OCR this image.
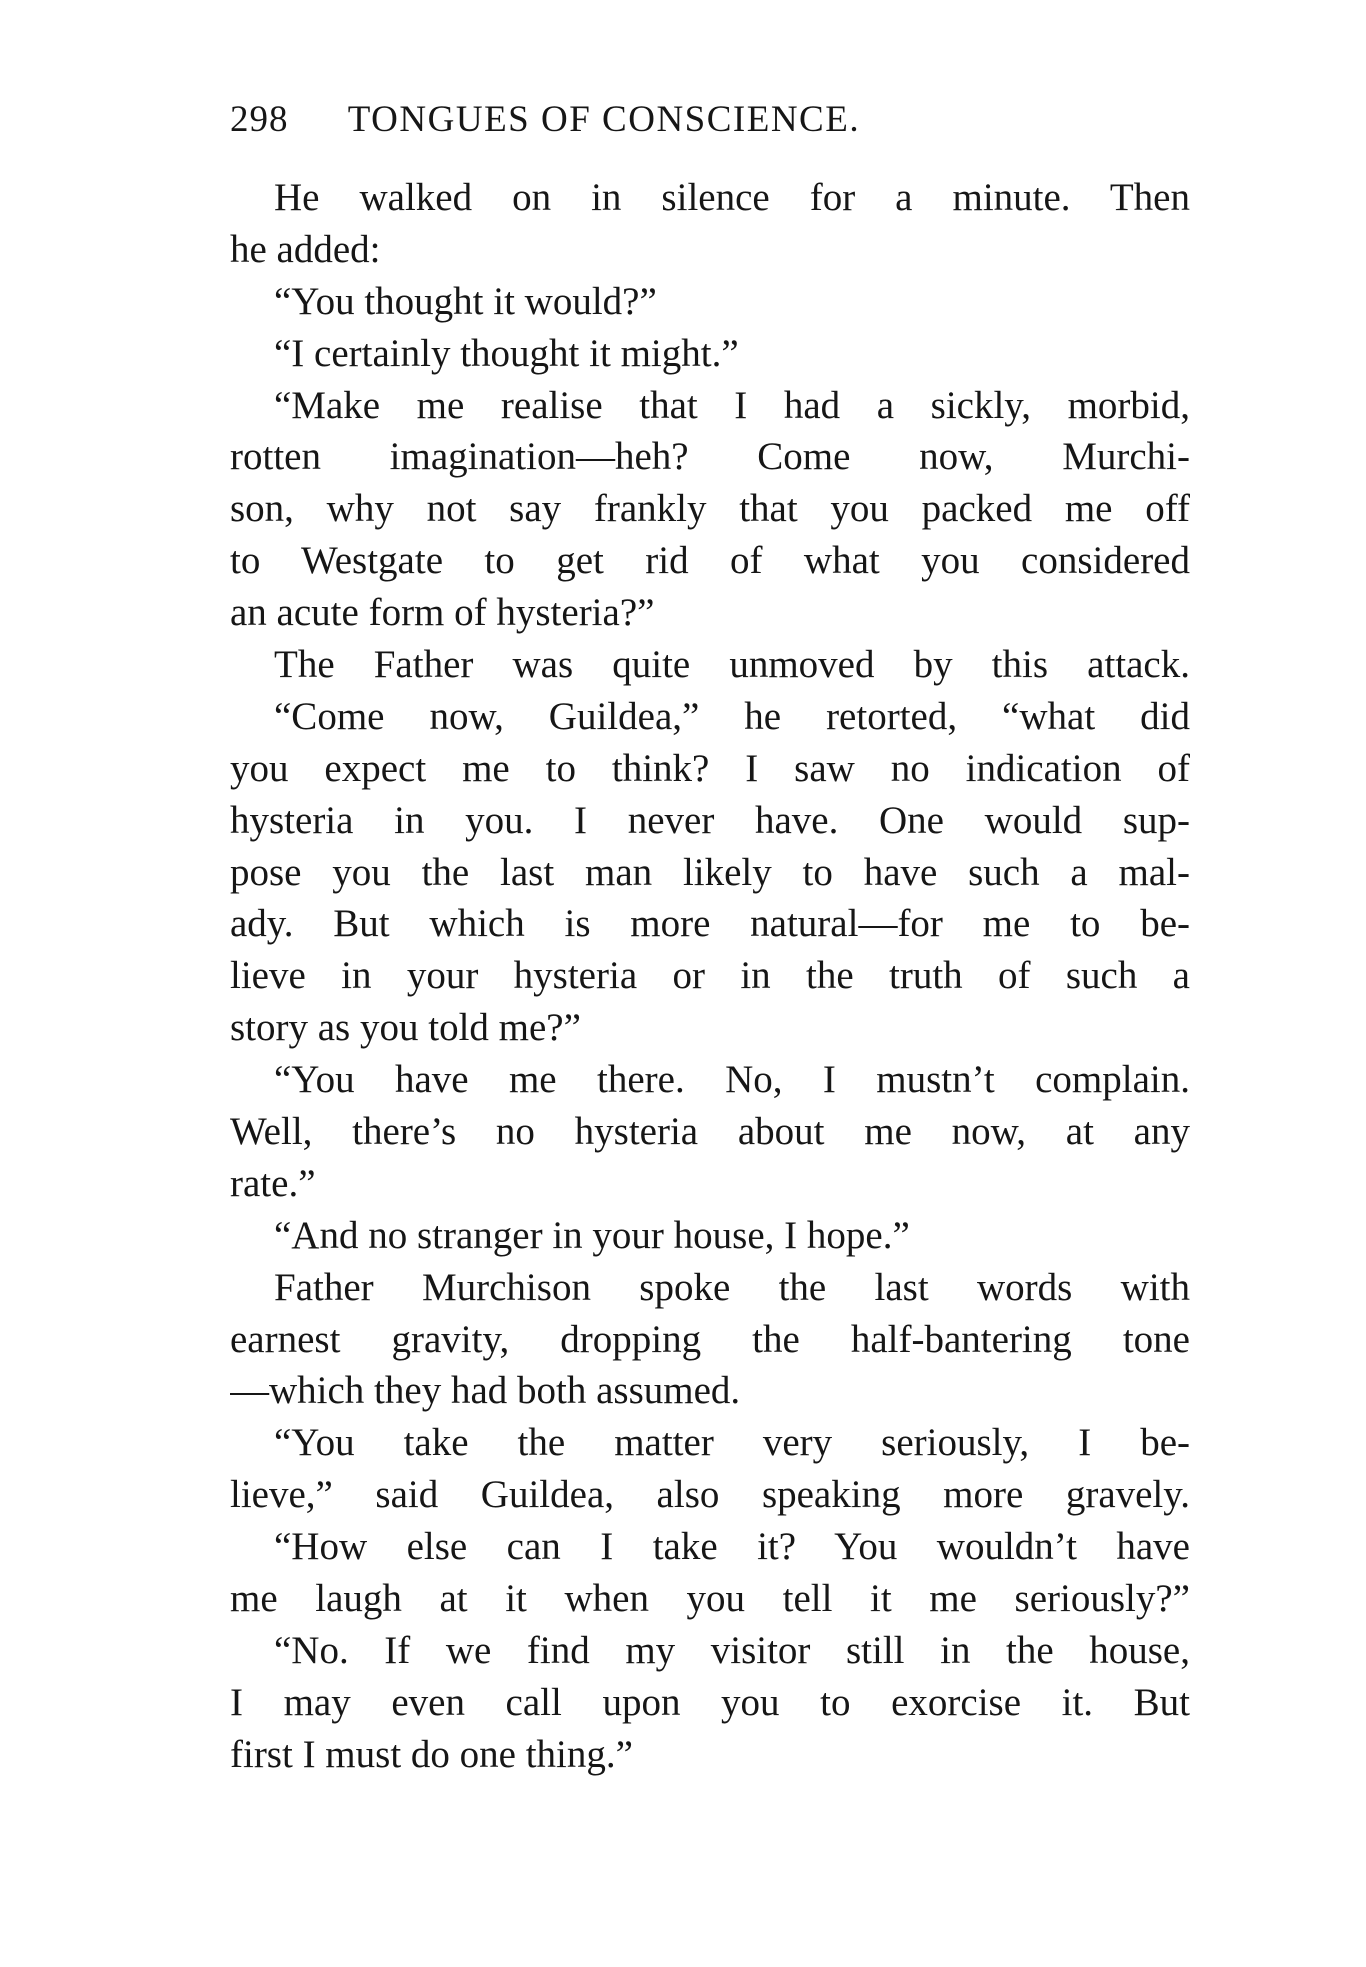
298 TONGUES OF CONSCIENCE.
He walked on in silence for a minute. Then
he added:
“You thought it would?”
“I certainly thought it might.”
“Make me realise that I had a sickly, morbid,
rotten imagination—heh? Come now, Murchi-
son, why not say frankly that you packed me off
to Westgate to get rid of what you considered
an acute form of hysteria?”
The Father was quite unmoved by this attack.
“Come now, Guildea,” he retorted, “what did
you expect me to think? I saw no indication of
hysteria in you. I never have. One would sup-
pose you the last man likely to have such a mal-
ady. But which is more natural—for me to be-
lieve in your hysteria or in the truth of such a
story as you told me?”
“You have me there. No, I mustn’t complain.
Well, there’s no hysteria about me now, at any
rate.”
“And no stranger in your house, I hope.”
Father Murchison spoke the last words with
earnest gravity, dropping the half-bantering tone
—which they had both assumed.
“You take the matter very seriously, I be-
lieve,” said Guildea, also speaking more gravely.
“How else can I take it? You wouldn’t have
me laugh at it when you tell it me seriously?”
“No. If we find my visitor still in the house,
I may even call upon you to exorcise it. But
first I must do one thing.”
